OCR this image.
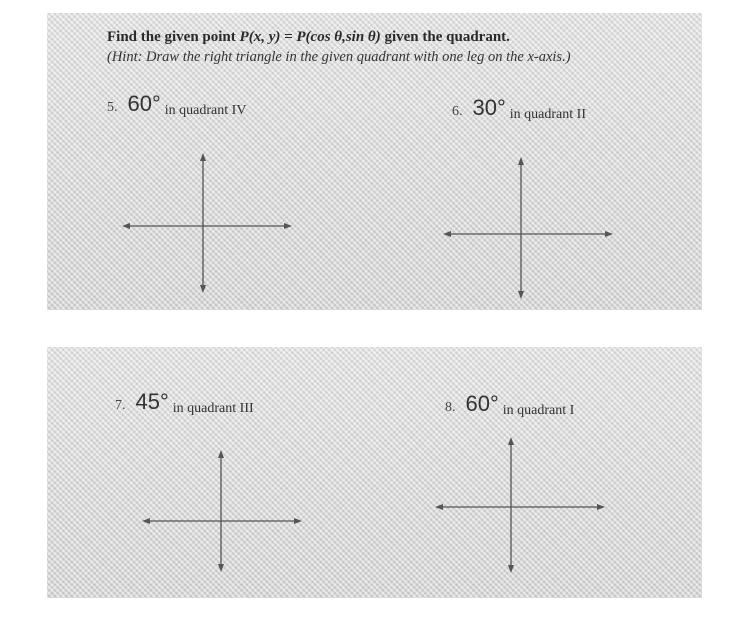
Find the given point P(x, y) = P(cos θ,sin θ) given the quadrant.
(Hint: Draw the right triangle in the given quadrant with one leg on the x-axis.)
5. 60° in quadrant IV	6. 30° in quadrant II
7. 45° in quadrant III	8. 60° in quadrant I
